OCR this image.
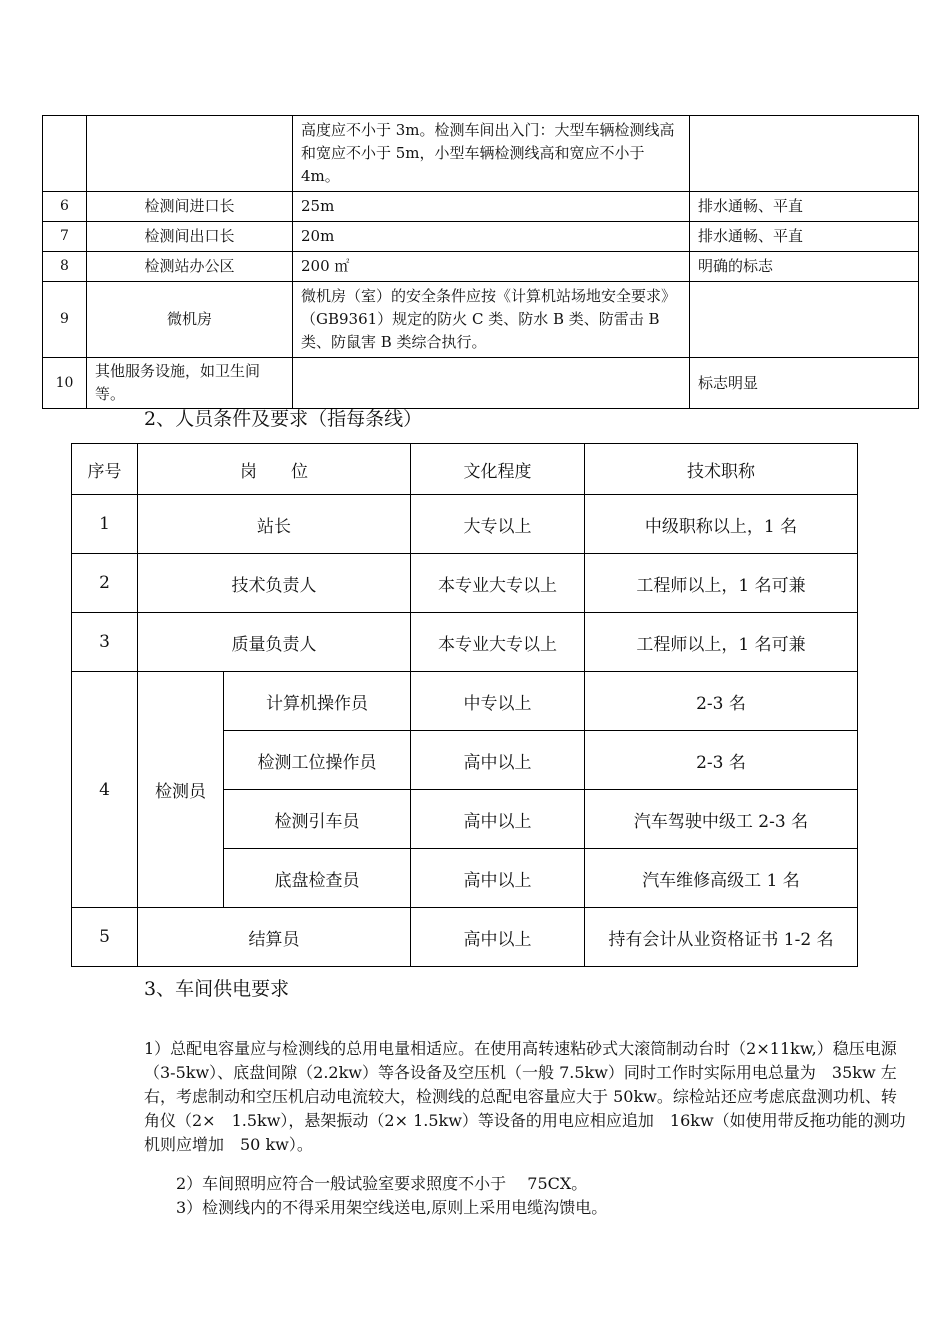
		高度应不小于 3m。检测车间出入门：大型车辆检测线高和宽应不小于 5m，小型车辆检测线高和宽应不小于 4m。	
6	检测间进口长	25m	排水通畅、平直
7	检测间出口长	20m	排水通畅、平直
8	检测站办公区	200 ㎡	明确的标志
9	微机房	微机房（室）的安全条件应按《计算机站场地安全要求》（GB9361）规定的防火 C 类、防水 B 类、防雷击 B 类、防鼠害 B 类综合执行。	
10	其他服务设施，如卫生间等。		标志明显
2、人员条件及要求（指每条线）
序号	岗　　位		文化程度	技术职称
1	站长		大专以上	中级职称以上，1 名
2	技术负责人		本专业大专以上	工程师以上，1 名可兼
3	质量负责人		本专业大专以上	工程师以上，1 名可兼
4	检测员	计算机操作员	中专以上	2-3 名
		检测工位操作员	高中以上	2-3 名
		检测引车员	高中以上	汽车驾驶中级工 2-3 名
		底盘检查员	高中以上	汽车维修高级工 1 名
5	结算员		高中以上	持有会计从业资格证书 1-2 名
3、车间供电要求
1）总配电容量应与检测线的总用电量相适应。在使用高转速粘砂式大滚筒制动台时（2×11kw,）稳压电源（3-5kw）、底盘间隙（2.2kw）等各设备及空压机（一般 7.5kw）同时工作时实际用电总量为　35kw 左右，考虑制动和空压机启动电流较大，检测线的总配电容量应大于 50kw。综检站还应考虑底盘测功机、转角仪（2×　1.5kw），悬架振动（2× 1.5kw）等设备的用电应相应追加　16kw（如使用带反拖功能的测功机则应增加　50 kw）。
2）车间照明应符合一般试验室要求照度不小于　 75CX。
3）检测线内的不得采用架空线送电,原则上采用电缆沟馈电。
